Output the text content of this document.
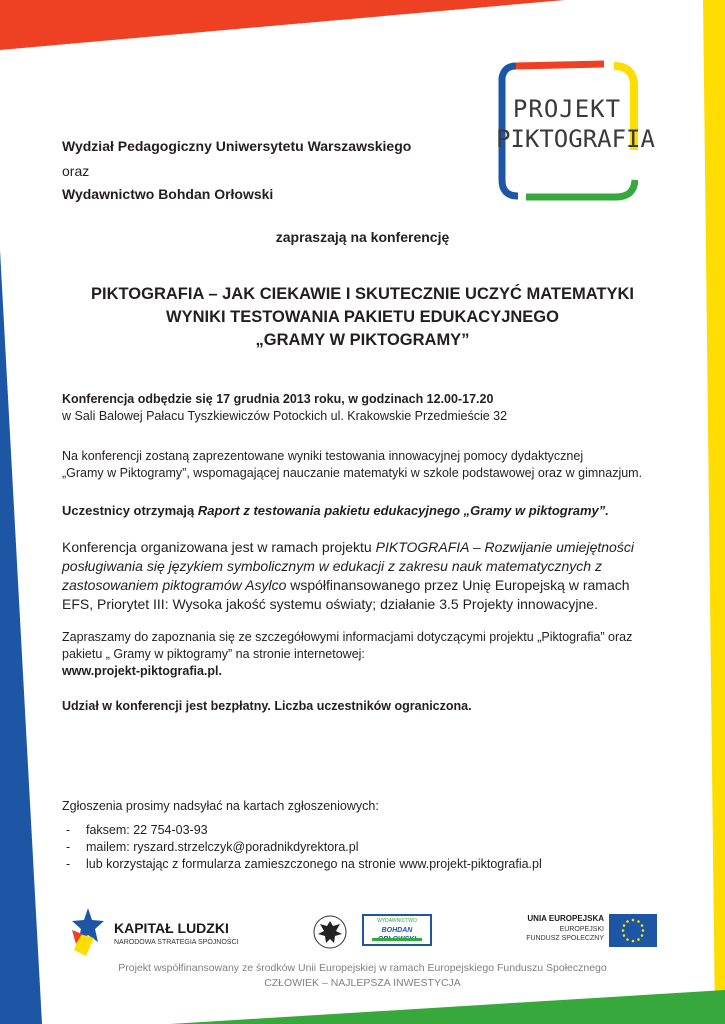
PROJEKT
PIKTOGRAFIA
Wydział Pedagogiczny Uniwersytetu Warszawskiego
oraz
Wydawnictwo Bohdan Orłowski
zapraszają na konferencję
PIKTOGRAFIA – JAK CIEKAWIE I SKUTECZNIE UCZYĆ MATEMATYKI
WYNIKI TESTOWANIA PAKIETU EDUKACYJNEGO
„GRAMY W PIKTOGRAMY”
Konferencja odbędzie się 17 grudnia 2013 roku, w godzinach 12.00-17.20
w Sali Balowej Pałacu Tyszkiewiczów Potockich ul. Krakowskie Przedmieście 32
Na konferencji zostaną zaprezentowane wyniki testowania innowacyjnej pomocy dydaktycznej
„Gramy w Piktogramy”, wspomagającej nauczanie matematyki w szkole podstawowej oraz w gimnazjum.
Uczestnicy otrzymają Raport z testowania pakietu edukacyjnego „Gramy w piktogramy”.
Konferencja organizowana jest w ramach projektu PIKTOGRAFIA – Rozwijanie umiejętności posługiwania się językiem symbolicznym w edukacji z zakresu nauk matematycznych z zastosowaniem piktogramów Asylco współfinansowanego przez Unię Europejską w ramach EFS, Priorytet III: Wysoka jakość systemu oświaty; działanie 3.5 Projekty innowacyjne.
Zapraszamy do zapoznania się ze szczegółowymi informacjami dotyczącymi projektu „Piktografia” oraz
pakietu „ Gramy w piktogramy” na stronie internetowej:
www.projekt-piktografia.pl.
Udział w konferencji jest bezpłatny. Liczba uczestników ograniczona.
Zgłoszenia prosimy nadsyłać na kartach zgłoszeniowych:
- faksem: 22 754-03-93
- mailem: ryszard.strzelczyk@poradnikdyrektora.pl
- lub korzystając z formularza zamieszczonego na stronie www.projekt-piktografia.pl
KAPITAŁ LUDZKI
NARODOWA STRATEGIA SPÓJNOŚCI
WYDAWNICTWO
BOHDAN
UNIA EUROPEJSKA
EUROPEJSKI
FUNDUSZ SPOŁECZNY
Projekt współfinansowany ze środków Unii Europejskiej w ramach Europejskiego Funduszu Społecznego
CZŁOWIEK – NAJLEPSZA INWESTYCJA
